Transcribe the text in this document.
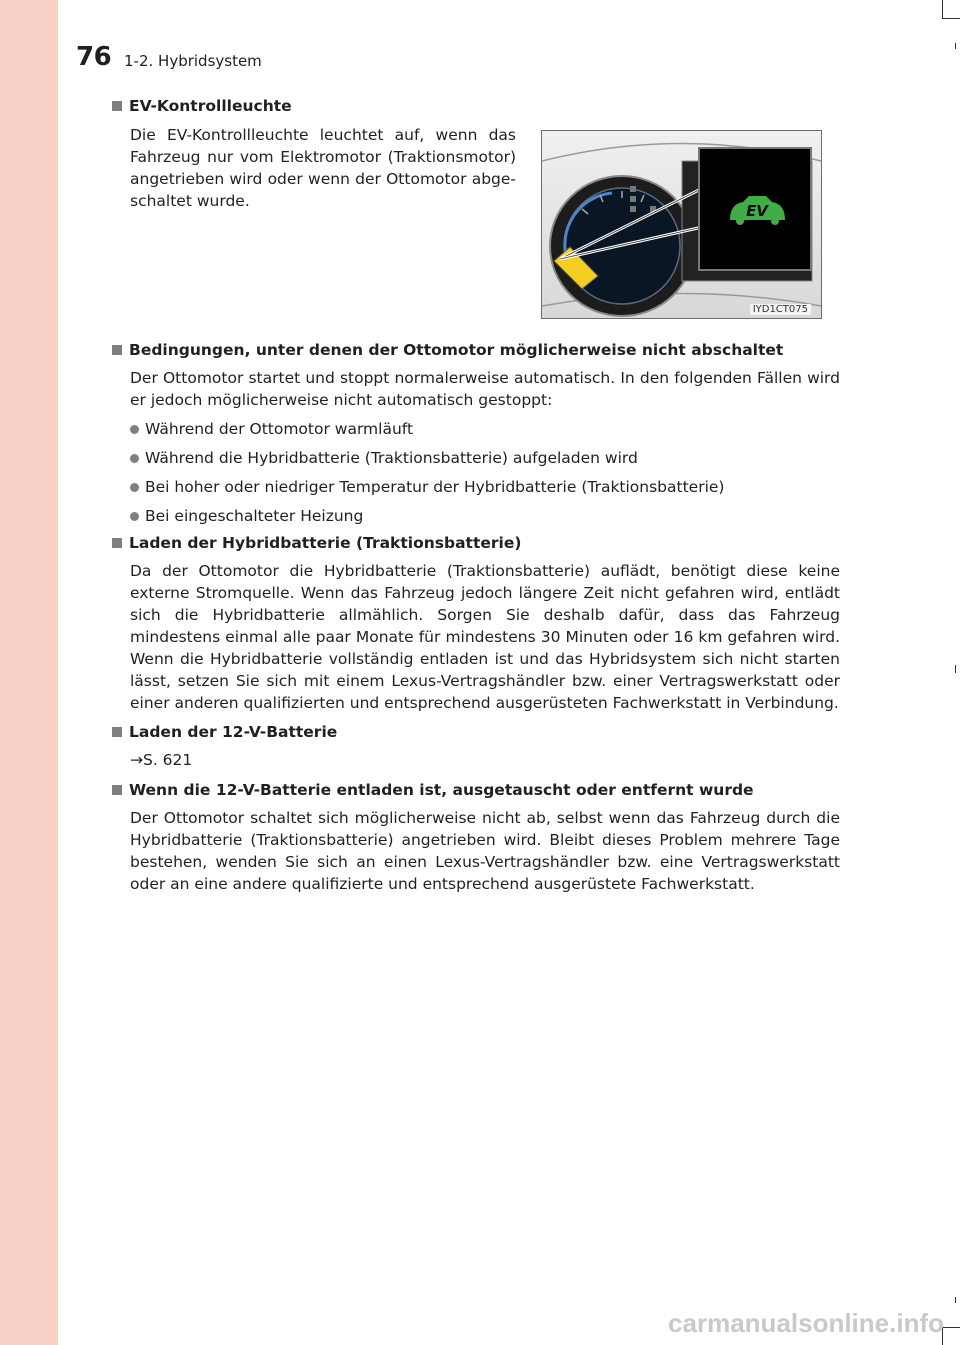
76 1-2. Hybridsystem
EV-Kontrollleuchte
Die EV-Kontrollleuchte leuchtet auf, wenn das Fahrzeug nur vom Elektromotor (Traktionsmotor) angetrieben wird oder wenn der Ottomotor abge-schaltet wurde.
EV
IYD1CT075
Bedingungen, unter denen der Ottomotor möglicherweise nicht abschaltet
Der Ottomotor startet und stoppt normalerweise automatisch. In den folgenden Fällen wird er jedoch möglicherweise nicht automatisch gestoppt:
Während der Ottomotor warmläuft
Während die Hybridbatterie (Traktionsbatterie) aufgeladen wird
Bei hoher oder niedriger Temperatur der Hybridbatterie (Traktionsbatterie)
Bei eingeschalteter Heizung
Laden der Hybridbatterie (Traktionsbatterie)
Da der Ottomotor die Hybridbatterie (Traktionsbatterie) auflädt, benötigt diese keine externe Stromquelle. Wenn das Fahrzeug jedoch längere Zeit nicht gefahren wird, entlädt sich die Hybridbatterie allmählich. Sorgen Sie deshalb dafür, dass das Fahrzeug mindestens einmal alle paar Monate für mindestens 30 Minuten oder 16 km gefahren wird. Wenn die Hybridbatterie vollständig entladen ist und das Hybridsystem sich nicht starten lässt, setzen Sie sich mit einem Lexus-Vertragshändler bzw. einer Vertragswerkstatt oder einer anderen qualifizierten und entsprechend ausgerüsteten Fachwerkstatt in Verbindung.
Laden der 12-V-Batterie
→S. 621
Wenn die 12-V-Batterie entladen ist, ausgetauscht oder entfernt wurde
Der Ottomotor schaltet sich möglicherweise nicht ab, selbst wenn das Fahrzeug durch die Hybridbatterie (Traktionsbatterie) angetrieben wird. Bleibt dieses Problem mehrere Tage bestehen, wenden Sie sich an einen Lexus-Vertragshändler bzw. eine Vertragswerkstatt oder an eine andere qualifizierte und entsprechend ausgerüstete Fachwerkstatt.
carmanualsonline.info
